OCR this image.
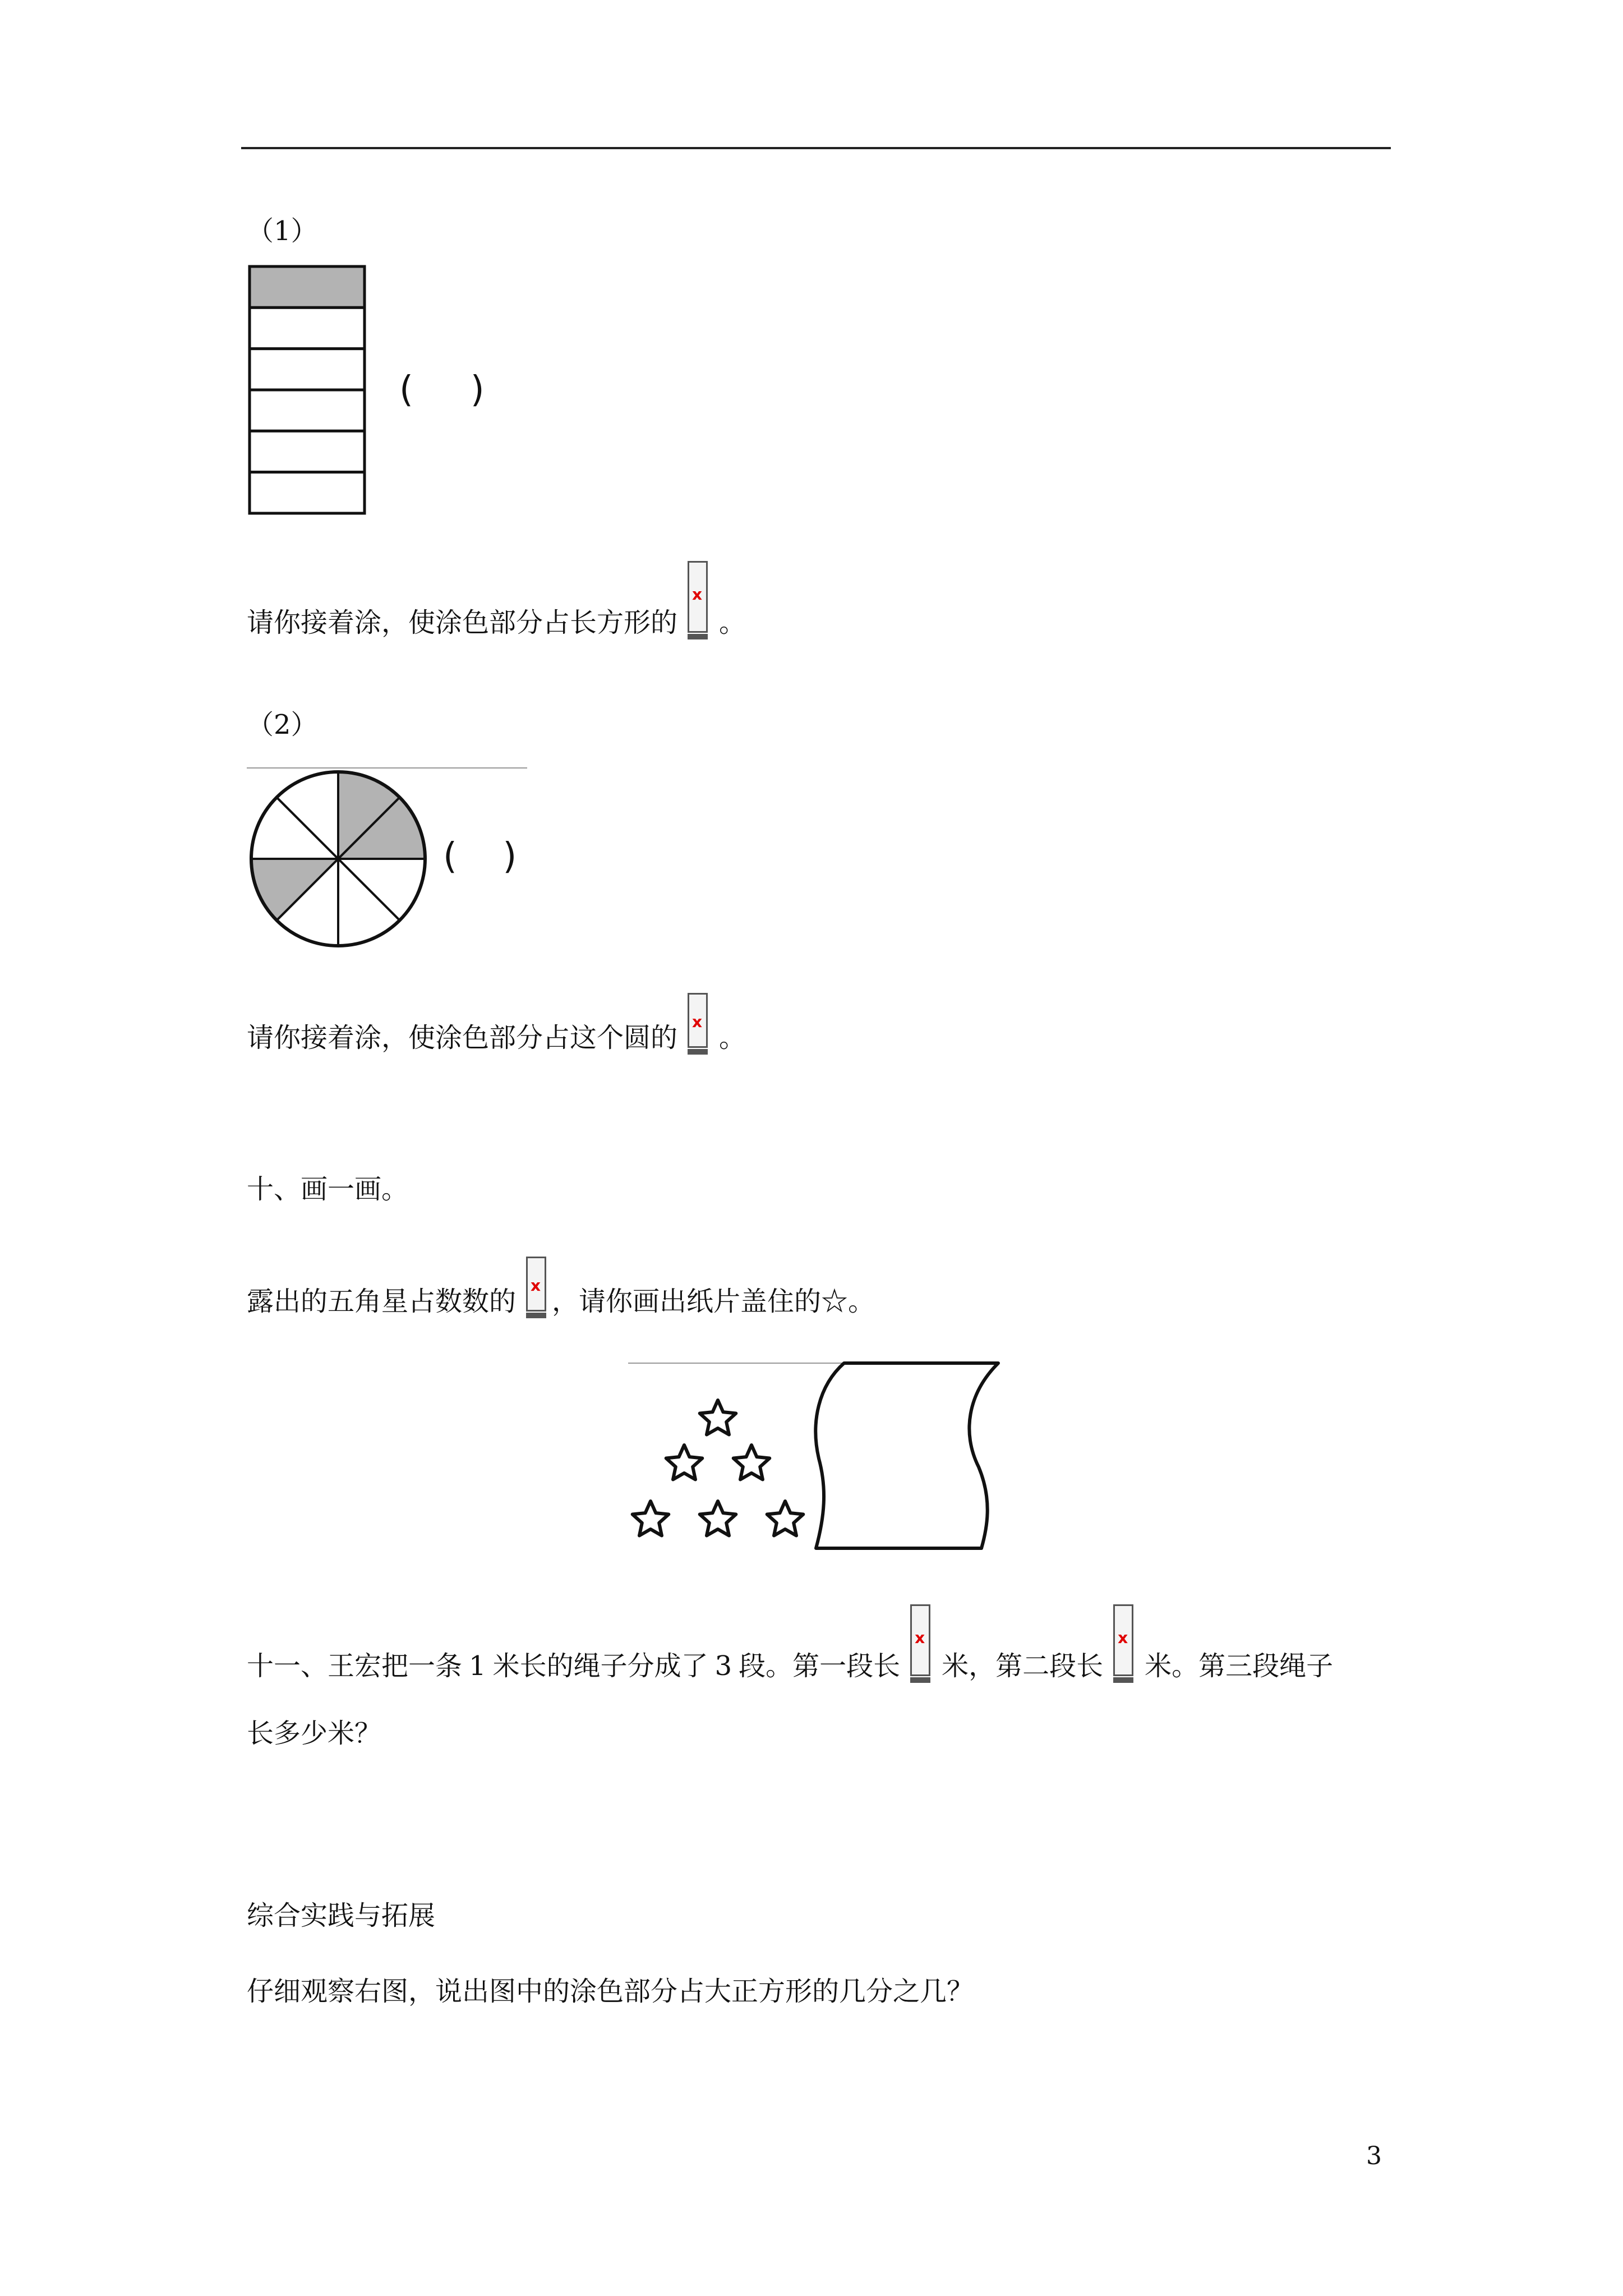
（1）
(     )
请你接着涂，使涂色部分占长方形的
x
。
（2）
(    )
请你接着涂，使涂色部分占这个圆的
x
。
十、画一画。
露出的五角星占数数的
x
，请你画出纸片盖住的☆。
十一、王宏把一条 1 米长的绳子分成了 3 段。第一段长
x
米，第二段长
x
米。第三段绳子
长多少米？
综合实践与拓展
仔细观察右图，说出图中的涂色部分占大正方形的几分之几？
3
